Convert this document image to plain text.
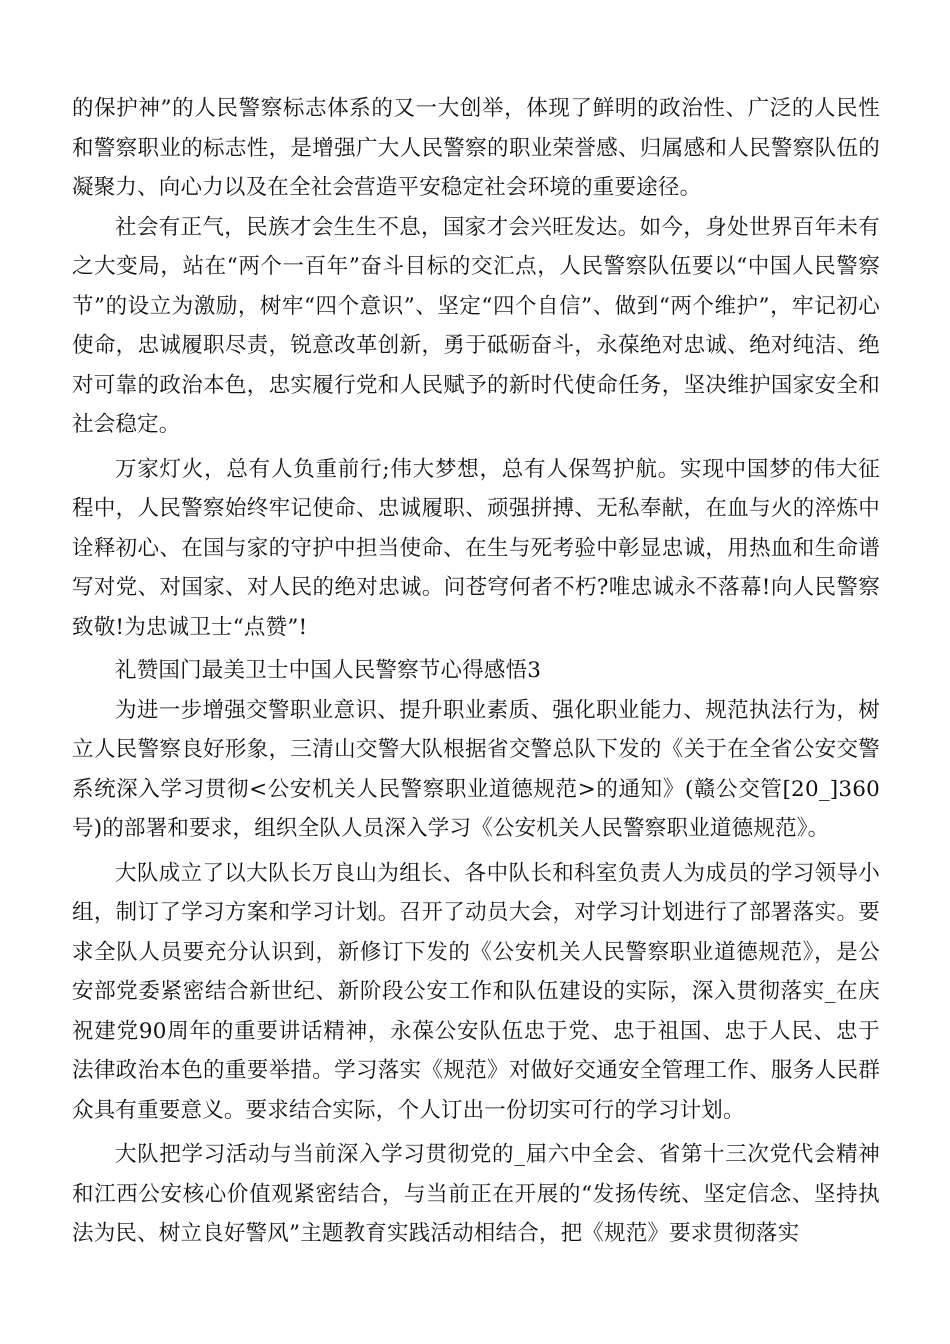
的保护神”的人民警察标志体系的又一大创举，体现了鲜明的政治性、广泛的人民性和警察职业的标志性，是增强广大人民警察的职业荣誉感、归属感和人民警察队伍的凝聚力、向心力以及在全社会营造平安稳定社会环境的重要途径。

社会有正气，民族才会生生不息，国家才会兴旺发达。如今，身处世界百年未有之大变局，站在“两个一百年”奋斗目标的交汇点，人民警察队伍要以“中国人民警察节”的设立为激励，树牢“四个意识”、坚定“四个自信”、做到“两个维护”，牢记初心使命，忠诚履职尽责，锐意改革创新，勇于砥砺奋斗，永葆绝对忠诚、绝对纯洁、绝对可靠的政治本色，忠实履行党和人民赋予的新时代使命任务，坚决维护国家安全和社会稳定。

万家灯火，总有人负重前行;伟大梦想，总有人保驾护航。实现中国梦的伟大征程中，人民警察始终牢记使命、忠诚履职、顽强拼搏、无私奉献，在血与火的淬炼中诠释初心、在国与家的守护中担当使命、在生与死考验中彰显忠诚，用热血和生命谱写对党、对国家、对人民的绝对忠诚。问苍穹何者不朽?唯忠诚永不落幕!向人民警察致敬!为忠诚卫士“点赞”!

礼赞国门最美卫士中国人民警察节心得感悟3

为进一步增强交警职业意识、提升职业素质、强化职业能力、规范执法行为，树立人民警察良好形象，三清山交警大队根据省交警总队下发的《关于在全省公安交警系统深入学习贯彻<公安机关人民警察职业道德规范>的通知》(赣公交管[20_]360号)的部署和要求，组织全队人员深入学习《公安机关人民警察职业道德规范》。

大队成立了以大队长万良山为组长、各中队长和科室负责人为成员的学习领导小组，制订了学习方案和学习计划。召开了动员大会，对学习计划进行了部署落实。要求全队人员要充分认识到，新修订下发的《公安机关人民警察职业道德规范》，是公安部党委紧密结合新世纪、新阶段公安工作和队伍建设的实际，深入贯彻落实_在庆祝建党90周年的重要讲话精神，永葆公安队伍忠于党、忠于祖国、忠于人民、忠于法律政治本色的重要举措。学习落实《规范》对做好交通安全管理工作、服务人民群众具有重要意义。要求结合实际，个人订出一份切实可行的学习计划。

大队把学习活动与当前深入学习贯彻党的_届六中全会、省第十三次党代会精神和江西公安核心价值观紧密结合，与当前正在开展的“发扬传统、坚定信念、坚持执法为民、树立良好警风”主题教育实践活动相结合，把《规范》要求贯彻落实
